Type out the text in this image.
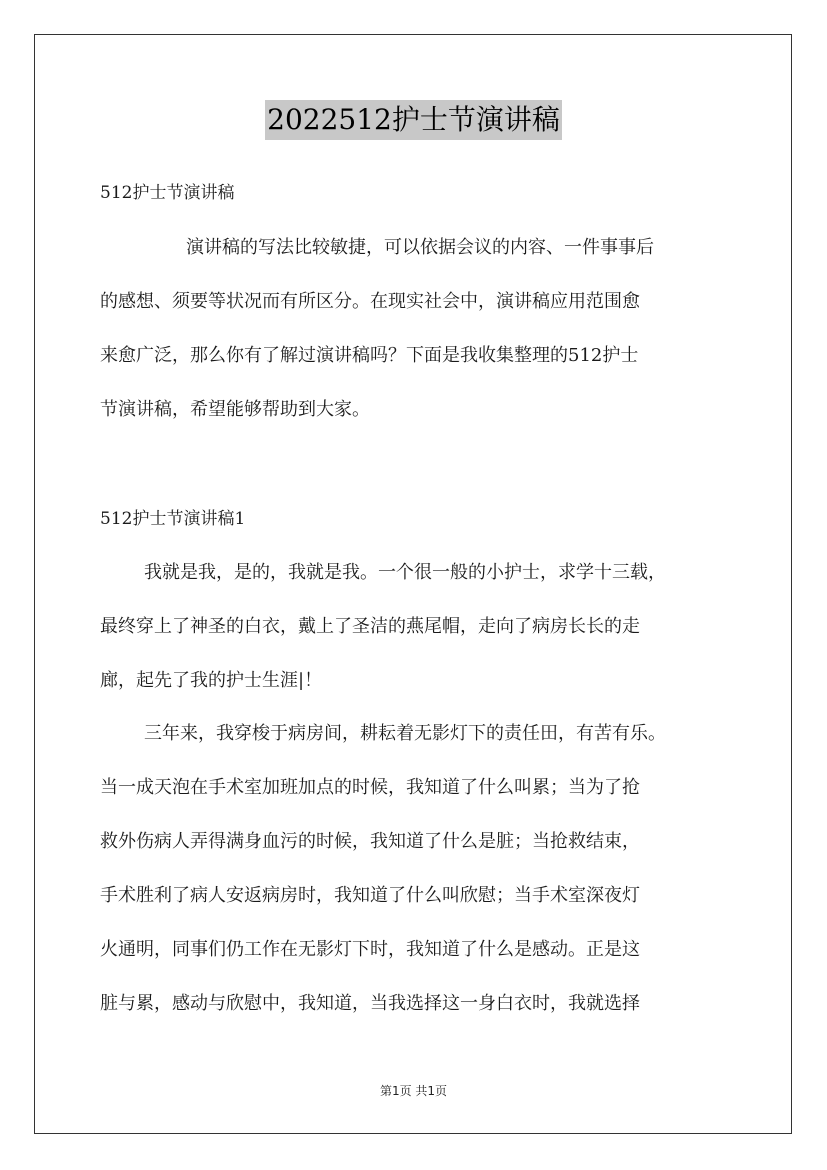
2022512护士节演讲稿
512护士节演讲稿
演讲稿的写法比较敏捷，可以依据会议的内容、一件事事后
的感想、须要等状况而有所区分。在现实社会中，演讲稿应用范围愈
来愈广泛，那么你有了解过演讲稿吗？下面是我收集整理的512护士
节演讲稿，希望能够帮助到大家。
512护士节演讲稿1
我就是我，是的，我就是我。一个很一般的小护士，求学十三载，
最终穿上了神圣的白衣，戴上了圣洁的燕尾帽，走向了病房长长的走
廊，起先了我的护士生涯|！
三年来，我穿梭于病房间，耕耘着无影灯下的责任田，有苦有乐。
当一成天泡在手术室加班加点的时候，我知道了什么叫累；当为了抢
救外伤病人弄得满身血污的时候，我知道了什么是脏；当抢救结束，
手术胜利了病人安返病房时，我知道了什么叫欣慰；当手术室深夜灯
火通明，同事们仍工作在无影灯下时，我知道了什么是感动。正是这
脏与累，感动与欣慰中，我知道，当我选择这一身白衣时，我就选择
第1页 共1页
